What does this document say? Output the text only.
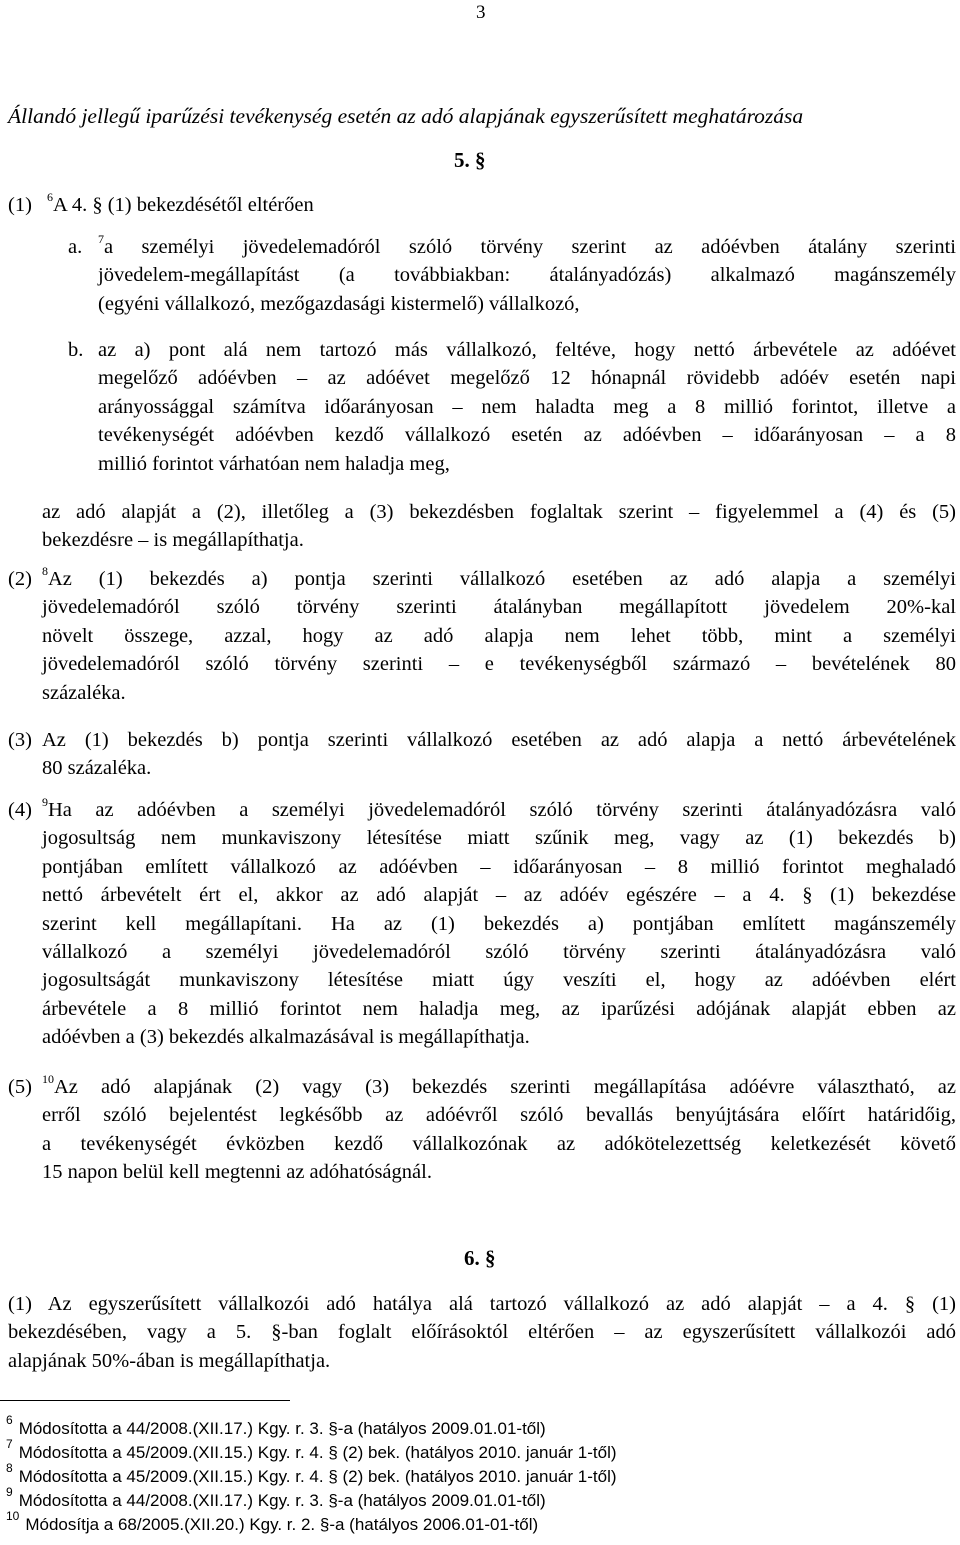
3
Állandó jellegű iparűzési tevékenység esetén az adó alapjának egyszerűsített meghatározása
5. §
(1) $^6$A 4. § (1) bekezdésétől eltérően
a. $^7$a személyi jövedelemadóról szóló törvény szerint az adóévben átalány szerinti
jövedelem-megállapítást (a továbbiakban: átalányadózás) alkalmazó magánszemély
(egyéni vállalkozó, mezőgazdasági kistermelő) vállalkozó,
b. az a) pont alá nem tartozó más vállalkozó, feltéve, hogy nettó árbevétele az adóévet
megelőző adóévben – az adóévet megelőző 12 hónapnál rövidebb adóév esetén napi
arányossággal számítva időarányosan – nem haladta meg a 8 millió forintot, illetve a
tevékenységét adóévben kezdő vállalkozó esetén az adóévben – időarányosan – a 8
millió forintot várhatóan nem haladja meg,
az adó alapját a (2), illetőleg a (3) bekezdésben foglaltak szerint – figyelemmel a (4) és (5)
bekezdésre – is megállapíthatja.
(2) $^8$Az (1) bekezdés a) pontja szerinti vállalkozó esetében az adó alapja a személyi
jövedelemadóról szóló törvény szerinti átalányban megállapított jövedelem 20%-kal
növelt összege, azzal, hogy az adó alapja nem lehet több, mint a személyi
jövedelemadóról szóló törvény szerinti – e tevékenységből származó – bevételének 80
százaléka.
(3) Az (1) bekezdés b) pontja szerinti vállalkozó esetében az adó alapja a nettó árbevételének
80 százaléka.
(4) $^9$Ha az adóévben a személyi jövedelemadóról szóló törvény szerinti átalányadózásra való
jogosultság nem munkaviszony létesítése miatt szűnik meg, vagy az (1) bekezdés b)
pontjában említett vállalkozó az adóévben – időarányosan – 8 millió forintot meghaladó
nettó árbevételt ért el, akkor az adó alapját – az adóév egészére – a 4. § (1) bekezdése
szerint kell megállapítani. Ha az (1) bekezdés a) pontjában említett magánszemély
vállalkozó a személyi jövedelemadóról szóló törvény szerinti átalányadózásra való
jogosultságát munkaviszony létesítése miatt úgy veszíti el, hogy az adóévben elért
árbevétele a 8 millió forintot nem haladja meg, az iparűzési adójának alapját ebben az
adóévben a (3) bekezdés alkalmazásával is megállapíthatja.
(5) $^{10}$Az adó alapjának (2) vagy (3) bekezdés szerinti megállapítása adóévre választható, az
erről szóló bejelentést legkésőbb az adóévről szóló bevallás benyújtására előírt határidőig,
a tevékenységét évközben kezdő vállalkozónak az adókötelezettség keletkezését követő
15 napon belül kell megtenni az adóhatóságnál.
6. §
(1) Az egyszerűsített vállalkozói adó hatálya alá tartozó vállalkozó az adó alapját – a 4. § (1)
bekezdésében, vagy a 5. §-ban foglalt előírásoktól eltérően – az egyszerűsített vállalkozói adó
alapjának 50%-ában is megállapíthatja.
$^6$ Módosította a 44/2008.(XII.17.) Kgy. r. 3. §-a (hatályos 2009.01.01-től)
$^7$ Módosította a 45/2009.(XII.15.) Kgy. r. 4. § (2) bek. (hatályos 2010. január 1-től)
$^8$ Módosította a 45/2009.(XII.15.) Kgy. r. 4. § (2) bek. (hatályos 2010. január 1-től)
$^9$ Módosította a 44/2008.(XII.17.) Kgy. r. 3. §-a (hatályos 2009.01.01-től)
$^{10}$ Módosítja a 68/2005.(XII.20.) Kgy. r. 2. §-a (hatályos 2006.01-01-től)
